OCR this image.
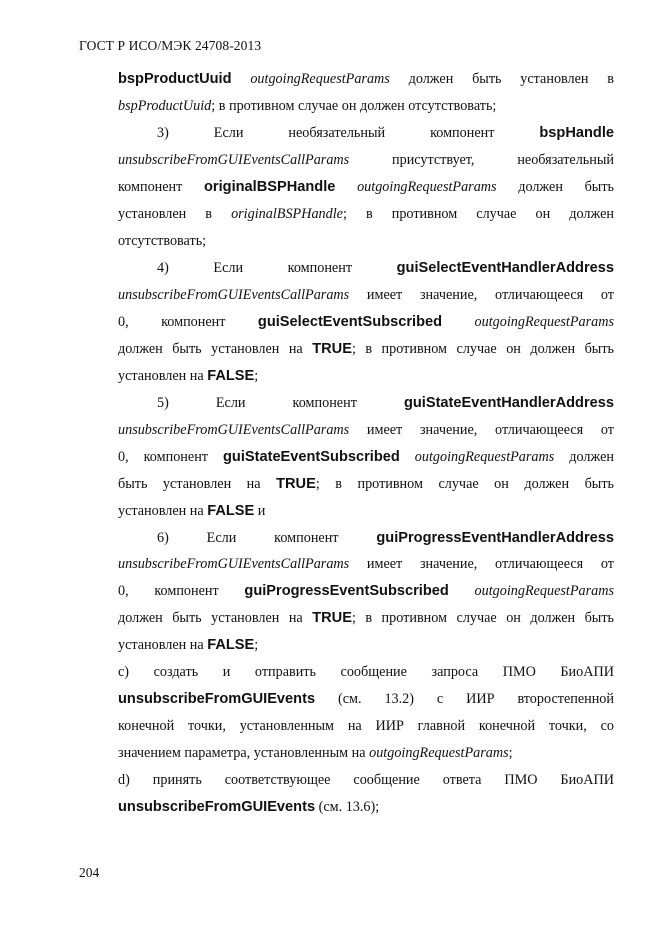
ГОСТ Р ИСО/МЭК 24708-2013
bspProductUuid outgoingRequestParams должен быть установлен в
bspProductUuid; в противном случае он должен отсутствовать;
3) Если необязательный компонент bspHandle
unsubscribeFromGUIEventsCallParams присутствует, необязательный
компонент originalBSPHandle outgoingRequestParams должен быть
установлен в originalBSPHandle; в противном случае он должен
отсутствовать;
4) Если компонент guiSelectEventHandlerAddress
unsubscribeFromGUIEventsCallParams имеет значение, отличающееся от
0, компонент guiSelectEventSubscribed outgoingRequestParams
должен быть установлен на TRUE; в противном случае он должен быть
установлен на FALSE;
5) Если компонент guiStateEventHandlerAddress
unsubscribeFromGUIEventsCallParams имеет значение, отличающееся от
0, компонент guiStateEventSubscribed outgoingRequestParams должен
быть установлен на TRUE; в противном случае он должен быть
установлен на FALSE и
6) Если компонент guiProgressEventHandlerAddress
unsubscribeFromGUIEventsCallParams имеет значение, отличающееся от
0, компонент guiProgressEventSubscribed outgoingRequestParams
должен быть установлен на TRUE; в противном случае он должен быть
установлен на FALSE;
с) создать и отправить сообщение запроса ПМО БиоАПИ
unsubscribeFromGUIEvents (см. 13.2) с ИИР второстепенной
конечной точки, установленным на ИИР главной конечной точки, со
значением параметра, установленным на outgoingRequestParams;
d) принять соответствующее сообщение ответа ПМО БиоАПИ
unsubscribeFromGUIEvents (см. 13.6);
204
